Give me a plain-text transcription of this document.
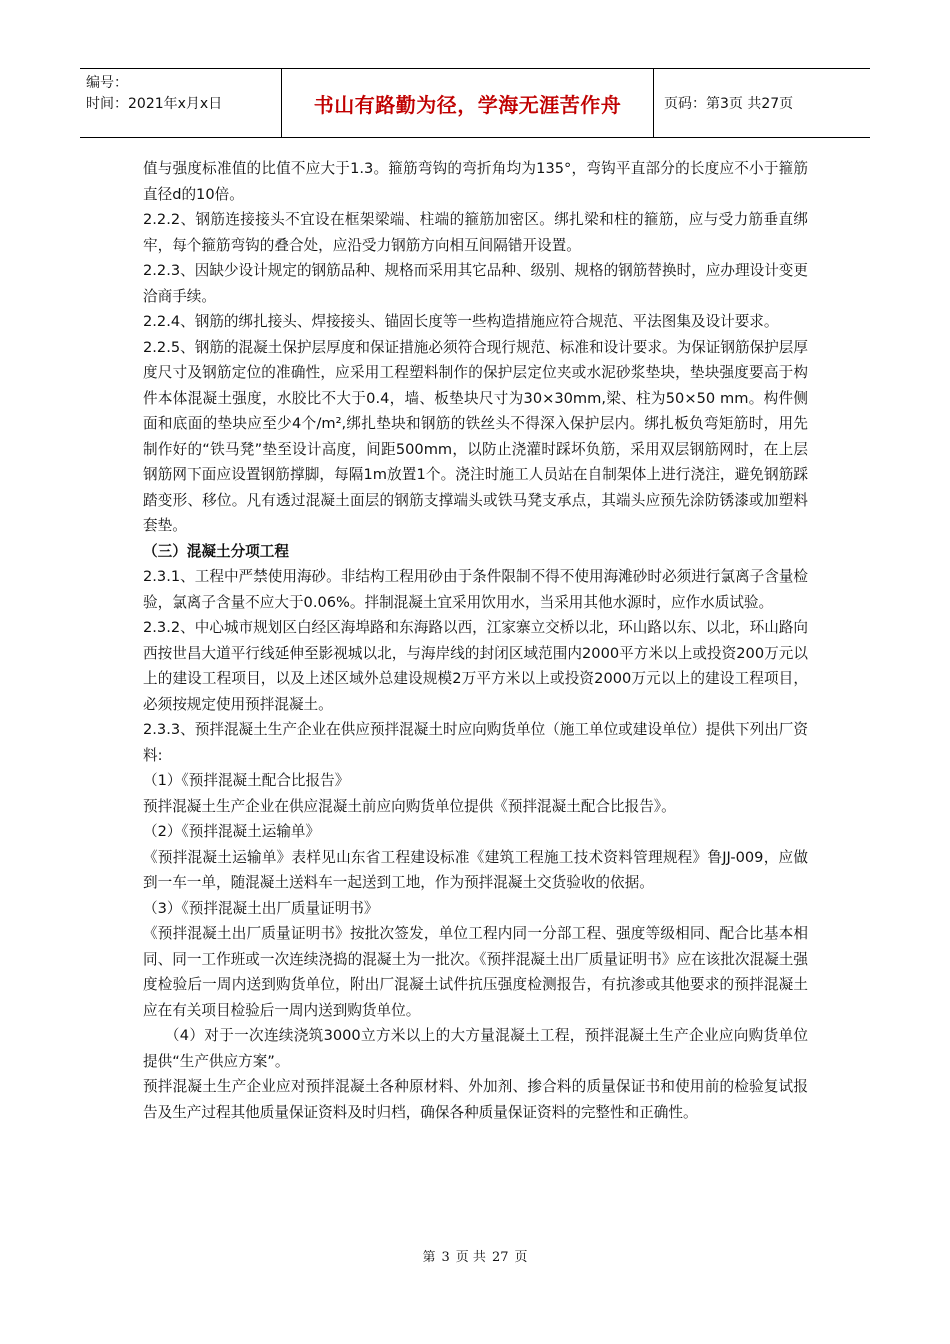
编号：
时间：2021年x月x日	书山有路勤为径，学海无涯苦作舟	页码：第3页 共27页

值与强度标准值的比值不应大于1.3。箍筋弯钩的弯折角均为135°，弯钩平直部分的长度应不小于箍筋直径d的10倍。

2.2.2、钢筋连接接头不宜设在框架梁端、柱端的箍筋加密区。绑扎梁和柱的箍筋，应与受力筋垂直绑牢，每个箍筋弯钩的叠合处，应沿受力钢筋方向相互间隔错开设置。

2.2.3、因缺少设计规定的钢筋品种、规格而采用其它品种、级别、规格的钢筋替换时，应办理设计变更洽商手续。

2.2.4、钢筋的绑扎接头、焊接接头、锚固长度等一些构造措施应符合规范、平法图集及设计要求。

2.2.5、钢筋的混凝土保护层厚度和保证措施必须符合现行规范、标准和设计要求。为保证钢筋保护层厚度尺寸及钢筋定位的准确性，应采用工程塑料制作的保护层定位夹或水泥砂浆垫块，垫块强度要高于构件本体混凝土强度，水胶比不大于0.4，墙、板垫块尺寸为30×30mm,梁、柱为50×50 mm。构件侧面和底面的垫块应至少4个/m²,绑扎垫块和钢筋的铁丝头不得深入保护层内。绑扎板负弯矩筋时，用先制作好的“铁马凳”垫至设计高度，间距500mm，以防止浇灌时踩坏负筋，采用双层钢筋网时，在上层钢筋网下面应设置钢筋撑脚，每隔1m放置1个。浇注时施工人员站在自制架体上进行浇注，避免钢筋踩踏变形、移位。凡有透过混凝土面层的钢筋支撑端头或铁马凳支承点，其端头应预先涂防锈漆或加塑料套垫。

（三）混凝土分项工程

2.3.1、工程中严禁使用海砂。非结构工程用砂由于条件限制不得不使用海滩砂时必须进行氯离子含量检验，氯离子含量不应大于0.06%。拌制混凝土宜采用饮用水，当采用其他水源时，应作水质试验。

2.3.2、中心城市规划区白经区海埠路和东海路以西，江家寨立交桥以北，环山路以东、以北，环山路向西按世昌大道平行线延伸至影视城以北，与海岸线的封闭区域范围内2000平方米以上或投资200万元以上的建设工程项目，以及上述区域外总建设规模2万平方米以上或投资2000万元以上的建设工程项目，必须按规定使用预拌混凝土。

2.3.3、预拌混凝土生产企业在供应预拌混凝土时应向购货单位（施工单位或建设单位）提供下列出厂资料:

（1）《预拌混凝土配合比报告》

预拌混凝土生产企业在供应混凝土前应向购货单位提供《预拌混凝土配合比报告》。

（2）《预拌混凝土运输单》

《预拌混凝土运输单》表样见山东省工程建设标准《建筑工程施工技术资料管理规程》鲁JJ-009，应做到一车一单，随混凝土送料车一起送到工地，作为预拌混凝土交货验收的依据。

（3）《预拌混凝土出厂质量证明书》

《预拌混凝土出厂质量证明书》按批次签发，单位工程内同一分部工程、强度等级相同、配合比基本相同、同一工作班或一次连续浇捣的混凝土为一批次。《预拌混凝土出厂质量证明书》应在该批次混凝土强度检验后一周内送到购货单位，附出厂混凝土试件抗压强度检测报告，有抗渗或其他要求的预拌混凝土应在有关项目检验后一周内送到购货单位。

（4）对于一次连续浇筑3000立方米以上的大方量混凝土工程，预拌混凝土生产企业应向购货单位提供“生产供应方案”。

预拌混凝土生产企业应对预拌混凝土各种原材料、外加剂、掺合料的质量保证书和使用前的检验复试报告及生产过程其他质量保证资料及时归档，确保各种质量保证资料的完整性和正确性。

第 3 页 共 27 页
